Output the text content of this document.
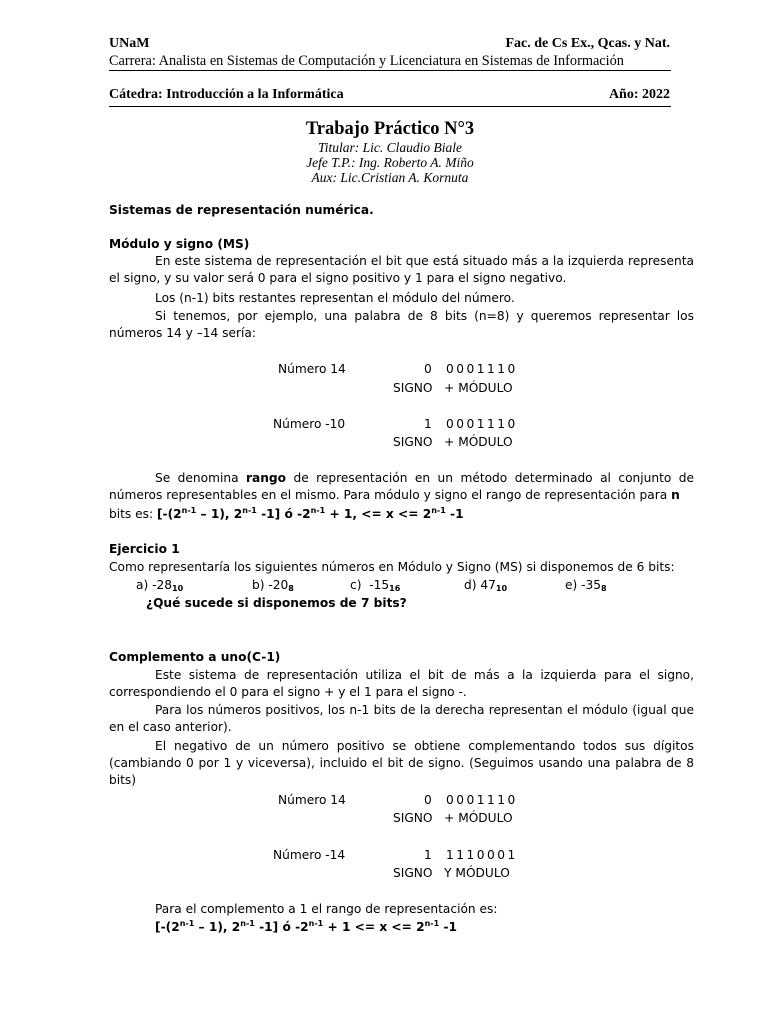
UNaM	Fac. de Cs Ex., Qcas. y Nat.
Carrera: Analista en Sistemas de Computación y Licenciatura en Sistemas de Información
Cátedra: Introducción a la Informática	Año: 2022
Trabajo Práctico N°3
Titular: Lic. Claudio Biale
Jefe T.P.: Ing. Roberto A. Miño
Aux: Lic.Cristian A. Kornuta
Sistemas de representación numérica.
Módulo y signo (MS)
En este sistema de representación el bit que está situado más a la izquierda representa el signo, y su valor será 0 para el signo positivo y 1 para el signo negativo.
Los (n-1) bits restantes representan el módulo del número.
Si tenemos, por ejemplo, una palabra de 8 bits (n=8) y queremos representar los números 14 y –14 sería:
Número 14	0 0001110
SIGNO   + MÓDULO
Número -10	1 0001110
SIGNO   + MÓDULO
Se denomina rango de representación en un método determinado al conjunto de números representables en el mismo. Para módulo y signo el rango de representación para n
bits es: [-(2$^{n-1}$ – 1), 2$^{n-1}$ -1] ó $-2^{n-1} + 1$, <= $x <= 2^{n-1}$ -1
Ejercicio 1
Como representaría los siguientes números en Módulo y Signo (MS) si disponemos de 6 bits:
a) $-28_{10}$	b) $-20_8$	c)  $-15_{16}$	d) $47_{10}$	e) $-35_8$
¿Qué sucede si disponemos de 7 bits?
Complemento a uno(C-1)
Este sistema de representación utiliza el bit de más a la izquierda para el signo, correspondiendo el 0 para el signo + y el 1 para el signo -.
Para los números positivos, los n-1 bits de la derecha representan el módulo (igual que en el caso anterior).
El negativo de un número positivo se obtiene complementando todos sus dígitos (cambiando 0 por 1 y viceversa), incluido el bit de signo. (Seguimos usando una palabra de 8 bits)
Número 14	0 0001110
SIGNO   + MÓDULO
Número -14	1 1110001
SIGNO   Y MÓDULO
Para el complemento a 1 el rango de representación es:
[-(2$^{n-1}$ – 1), 2$^{n-1}$ -1] ó $-2^{n-1} + 1 <= x <= 2^{n-1}$ -1
